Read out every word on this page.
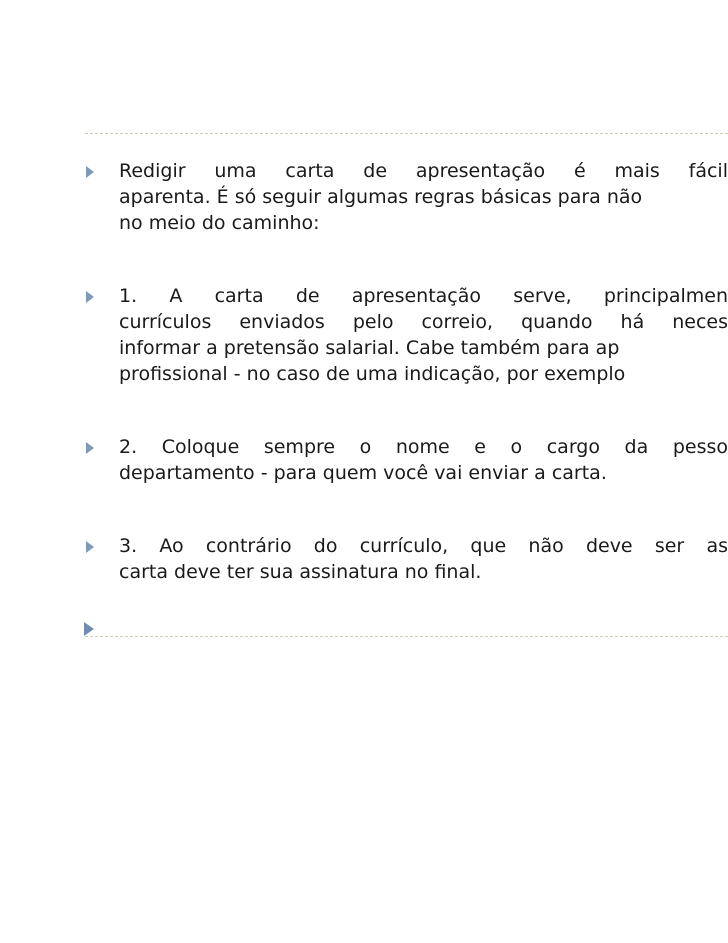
Redigir uma carta de apresentação é mais fácil
aparenta. É só seguir algumas regras básicas para não
no meio do caminho:
1. A carta de apresentação serve, principalmen
currículos enviados pelo correio, quando há neces
informar a pretensão salarial. Cabe também para ap
profissional - no caso de uma indicação, por exemplo
2. Coloque sempre o nome e o cargo da pesso
departamento - para quem você vai enviar a carta.
3. Ao contrário do currículo, que não deve ser as
carta deve ter sua assinatura no final.
